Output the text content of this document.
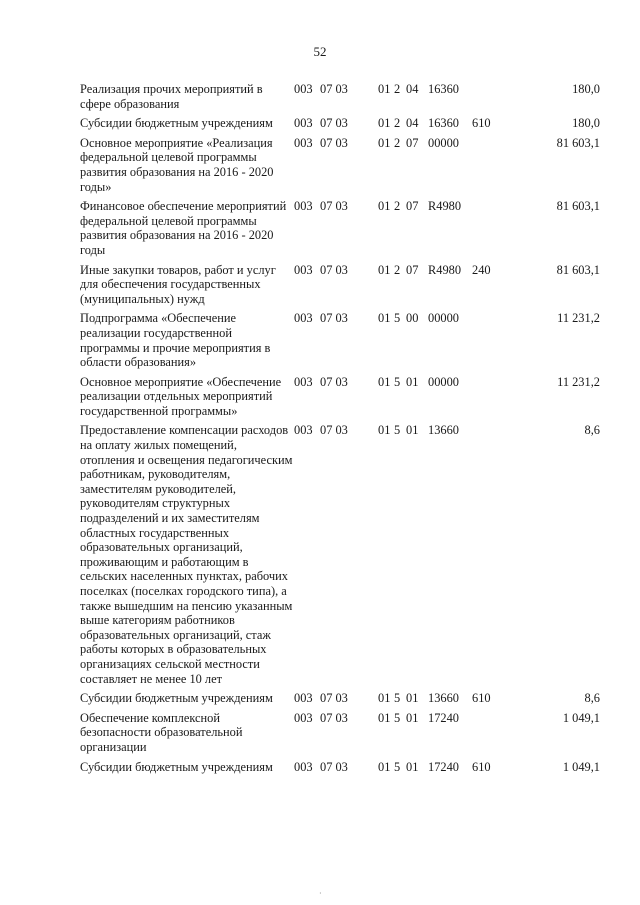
52
Реализация прочих мероприятий в сфере образования	003	07 03	01	2	04	16360		180,0
Субсидии бюджетным учреждениям	003	07 03	01	2	04	16360	610	180,0
Основное мероприятие «Реализация федеральной целевой программы развития образования на 2016 - 2020 годы»	003	07 03	01	2	07	00000		81 603,1
Финансовое обеспечение мероприятий федеральной целевой программы развития образования на 2016 - 2020 годы	003	07 03	01	2	07	R4980		81 603,1
Иные закупки товаров, работ и услуг для обеспечения государственных (муниципальных) нужд	003	07 03	01	2	07	R4980	240	81 603,1
Подпрограмма «Обеспечение реализации государственной программы и прочие мероприятия в области образования»	003	07 03	01	5	00	00000		11 231,2
Основное мероприятие «Обеспечение реализации отдельных мероприятий государственной программы»	003	07 03	01	5	01	00000		11 231,2
Предоставление компенсации расходов на оплату жилых помещений, отопления и освещения педагогическим работникам, руководителям, заместителям руководителей, руководителям структурных подразделений и их заместителям областных государственных образовательных организаций, проживающим и работающим в сельских населенных пунктах, рабочих поселках (поселках городского типа), а также вышедшим на пенсию указанным выше категориям работников образовательных организаций, стаж работы которых в образовательных организациях сельской местности составляет не менее 10 лет	003	07 03	01	5	01	13660		8,6
Субсидии бюджетным учреждениям	003	07 03	01	5	01	13660	610	8,6
Обеспечение комплексной безопасности образовательной организации	003	07 03	01	5	01	17240		1 049,1
Субсидии бюджетным учреждениям	003	07 03	01	5	01	17240	610	1 049,1
·
